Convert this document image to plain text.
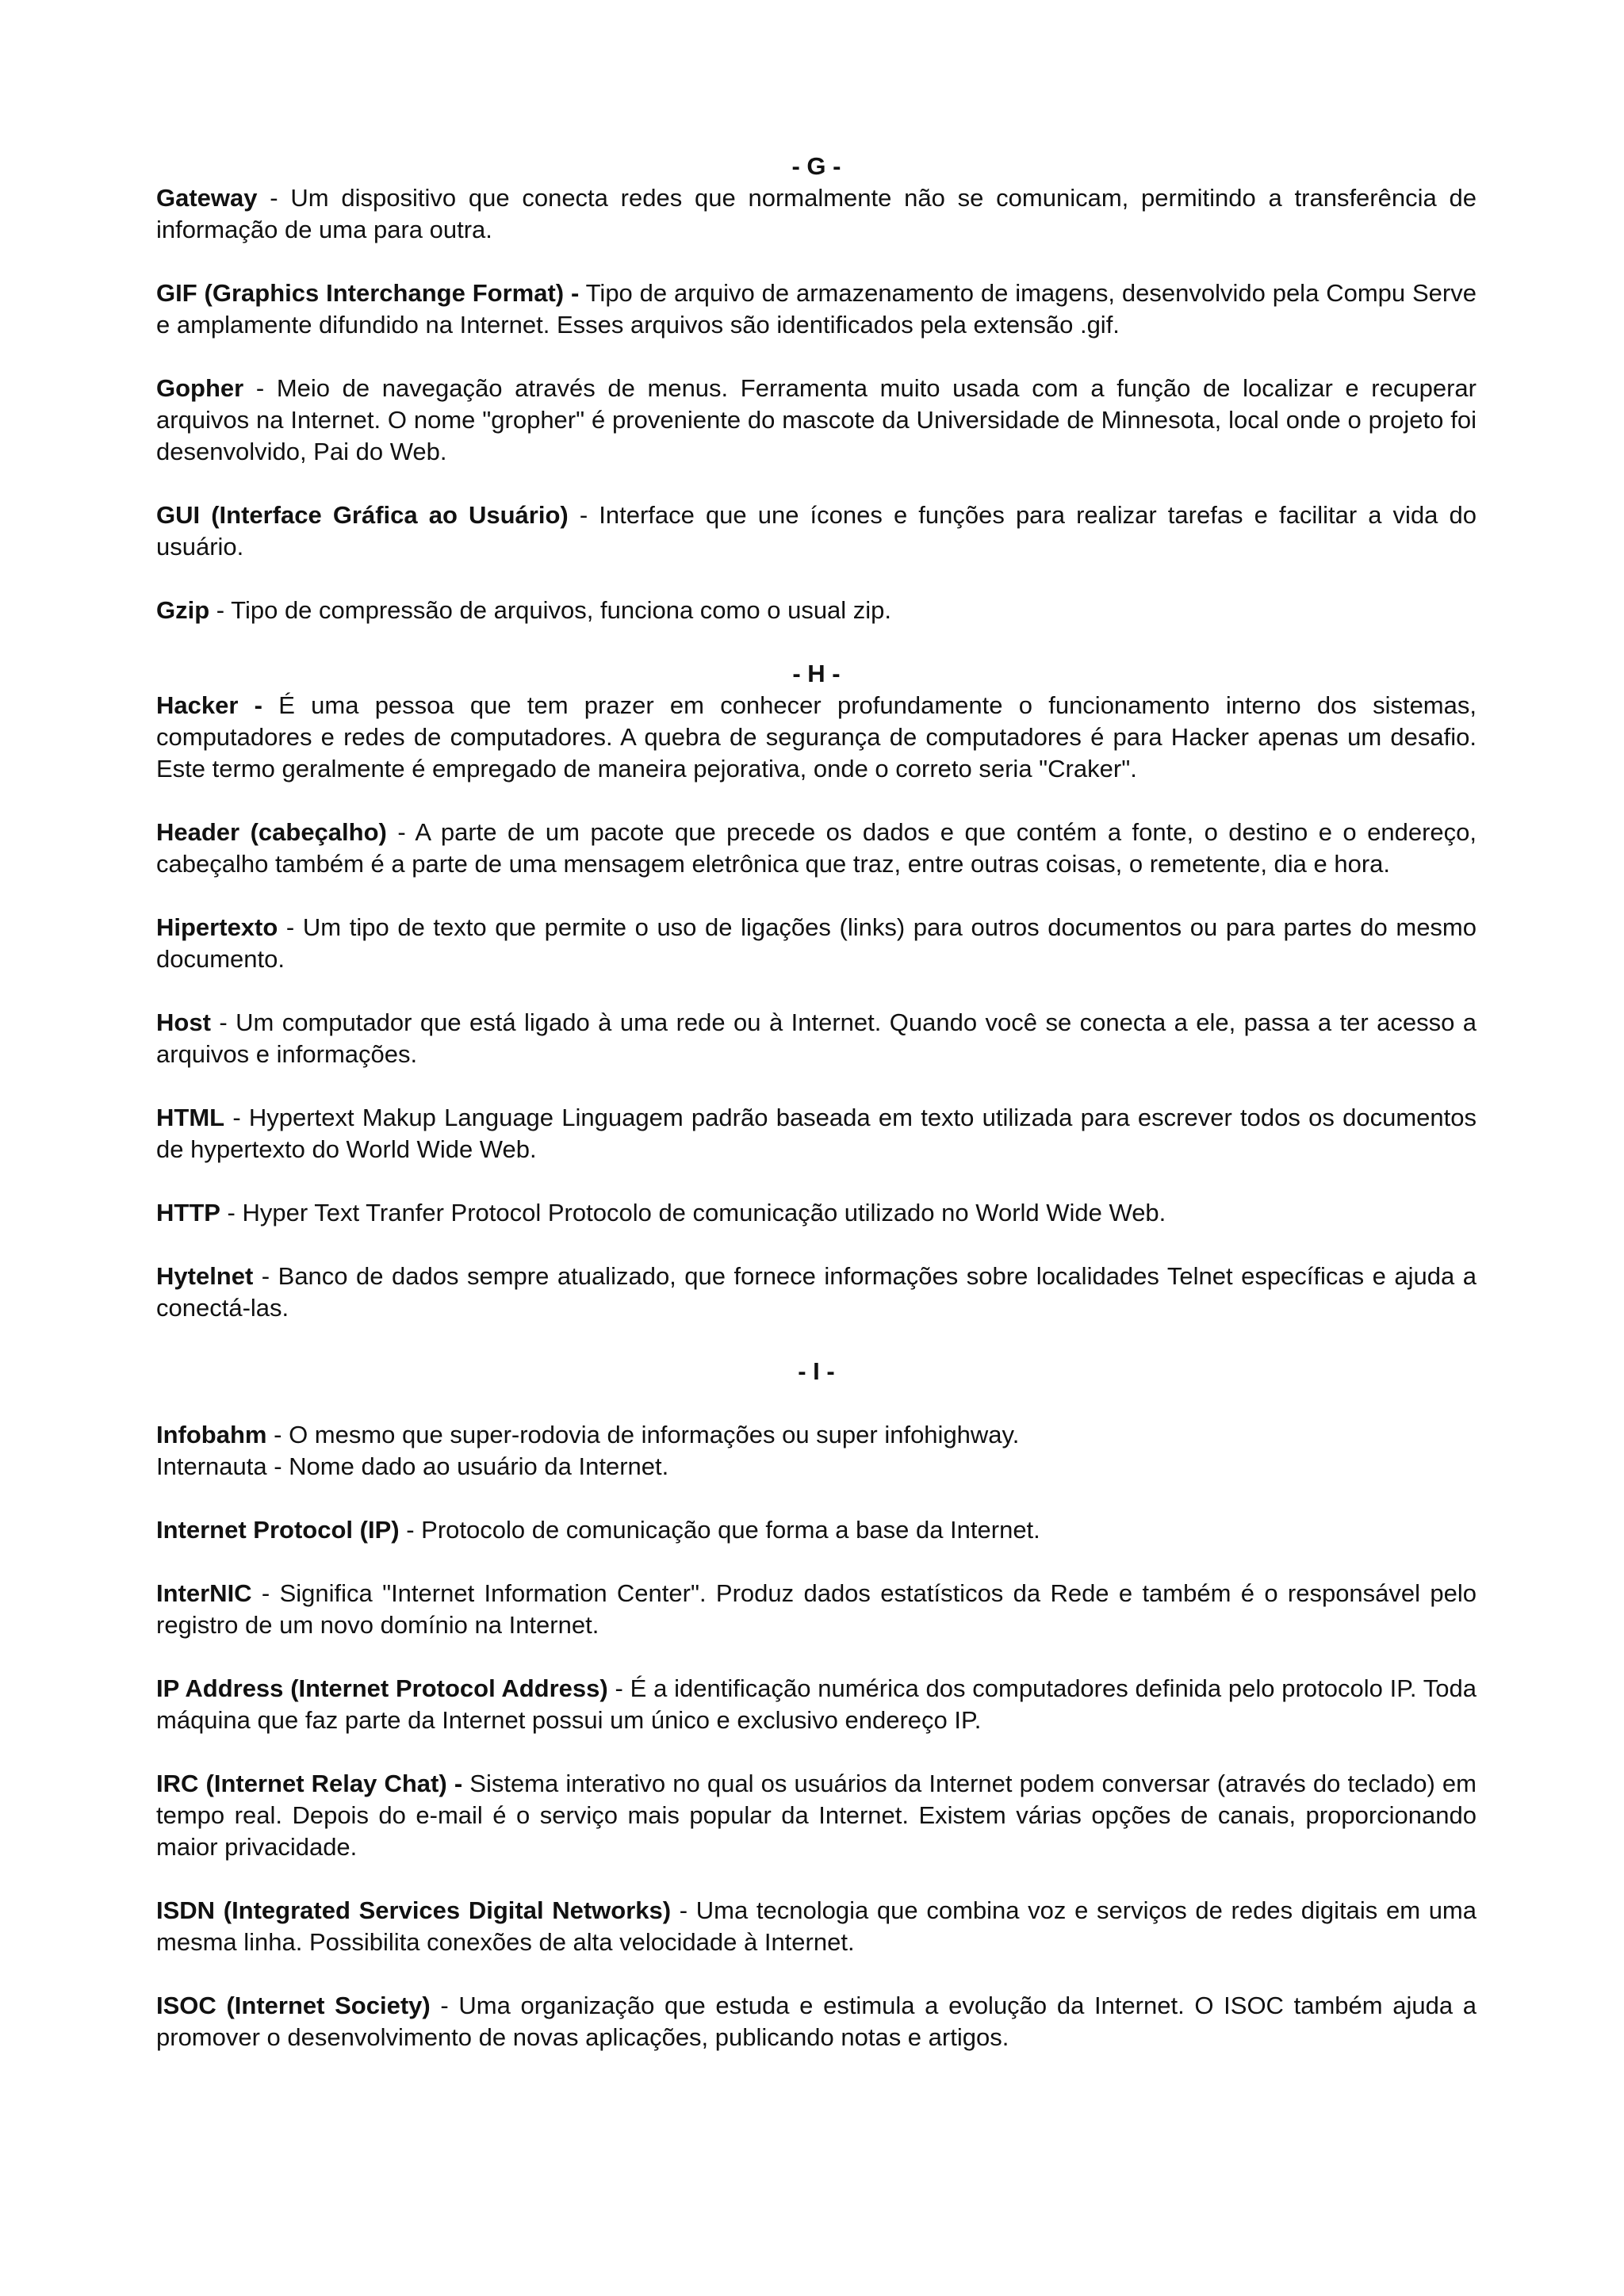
- G -

Gateway - Um dispositivo que conecta redes que normalmente não se comunicam, permitindo a transferência de informação de uma para outra.

GIF (Graphics Interchange Format) - Tipo de arquivo de armazenamento de imagens, desenvolvido pela Compu Serve e amplamente difundido na Internet. Esses arquivos são identificados pela extensão .gif.

Gopher - Meio de navegação através de menus. Ferramenta muito usada com a função de localizar e recuperar arquivos na Internet. O nome "gropher" é proveniente do mascote da Universidade de Minnesota, local onde o projeto foi desenvolvido, Pai do Web.

GUI (Interface Gráfica ao Usuário) - Interface que une ícones e funções para realizar tarefas e facilitar a vida do usuário.

Gzip - Tipo de compressão de arquivos, funciona como o usual zip.

- H -

Hacker - É uma pessoa que tem prazer em conhecer profundamente o funcionamento interno dos sistemas, computadores e redes de computadores. A quebra de segurança de computadores é para Hacker apenas um desafio. Este termo geralmente é empregado de maneira pejorativa, onde o correto seria "Craker".

Header (cabeçalho) - A parte de um pacote que precede os dados e que contém a fonte, o destino e o endereço, cabeçalho também é a parte de uma mensagem eletrônica que traz, entre outras coisas, o remetente, dia e hora.

Hipertexto - Um tipo de texto que permite o uso de ligações (links) para outros documentos ou para partes do mesmo documento.

Host - Um computador que está ligado à uma rede ou à Internet. Quando você se conecta a ele, passa a ter acesso a arquivos e informações.

HTML - Hypertext Makup Language Linguagem padrão baseada em texto utilizada para escrever todos os documentos de hypertexto do World Wide Web.

HTTP - Hyper Text Tranfer Protocol Protocolo de comunicação utilizado no World Wide Web.

Hytelnet - Banco de dados sempre atualizado, que fornece informações sobre localidades Telnet específicas e ajuda a conectá-las.

- I -

Infobahm - O mesmo que super-rodovia de informações ou super infohighway.

Internauta - Nome dado ao usuário da Internet.

Internet Protocol (IP) - Protocolo de comunicação que forma a base da Internet.

InterNIC - Significa "Internet Information Center". Produz dados estatísticos da Rede e também é o responsável pelo registro de um novo domínio na Internet.

IP Address (Internet Protocol Address) - É a identificação numérica dos computadores definida pelo protocolo IP. Toda máquina que faz parte da Internet possui um único e exclusivo endereço IP.

IRC (Internet Relay Chat) - Sistema interativo no qual os usuários da Internet podem conversar (através do teclado) em tempo real. Depois do e-mail é o serviço mais popular da Internet. Existem várias opções de canais, proporcionando maior privacidade.

ISDN (Integrated Services Digital Networks) - Uma tecnologia que combina voz e serviços de redes digitais em uma mesma linha. Possibilita conexões de alta velocidade à Internet.

ISOC (Internet Society) - Uma organização que estuda e estimula a evolução da Internet. O ISOC também ajuda a promover o desenvolvimento de novas aplicações, publicando notas e artigos.
